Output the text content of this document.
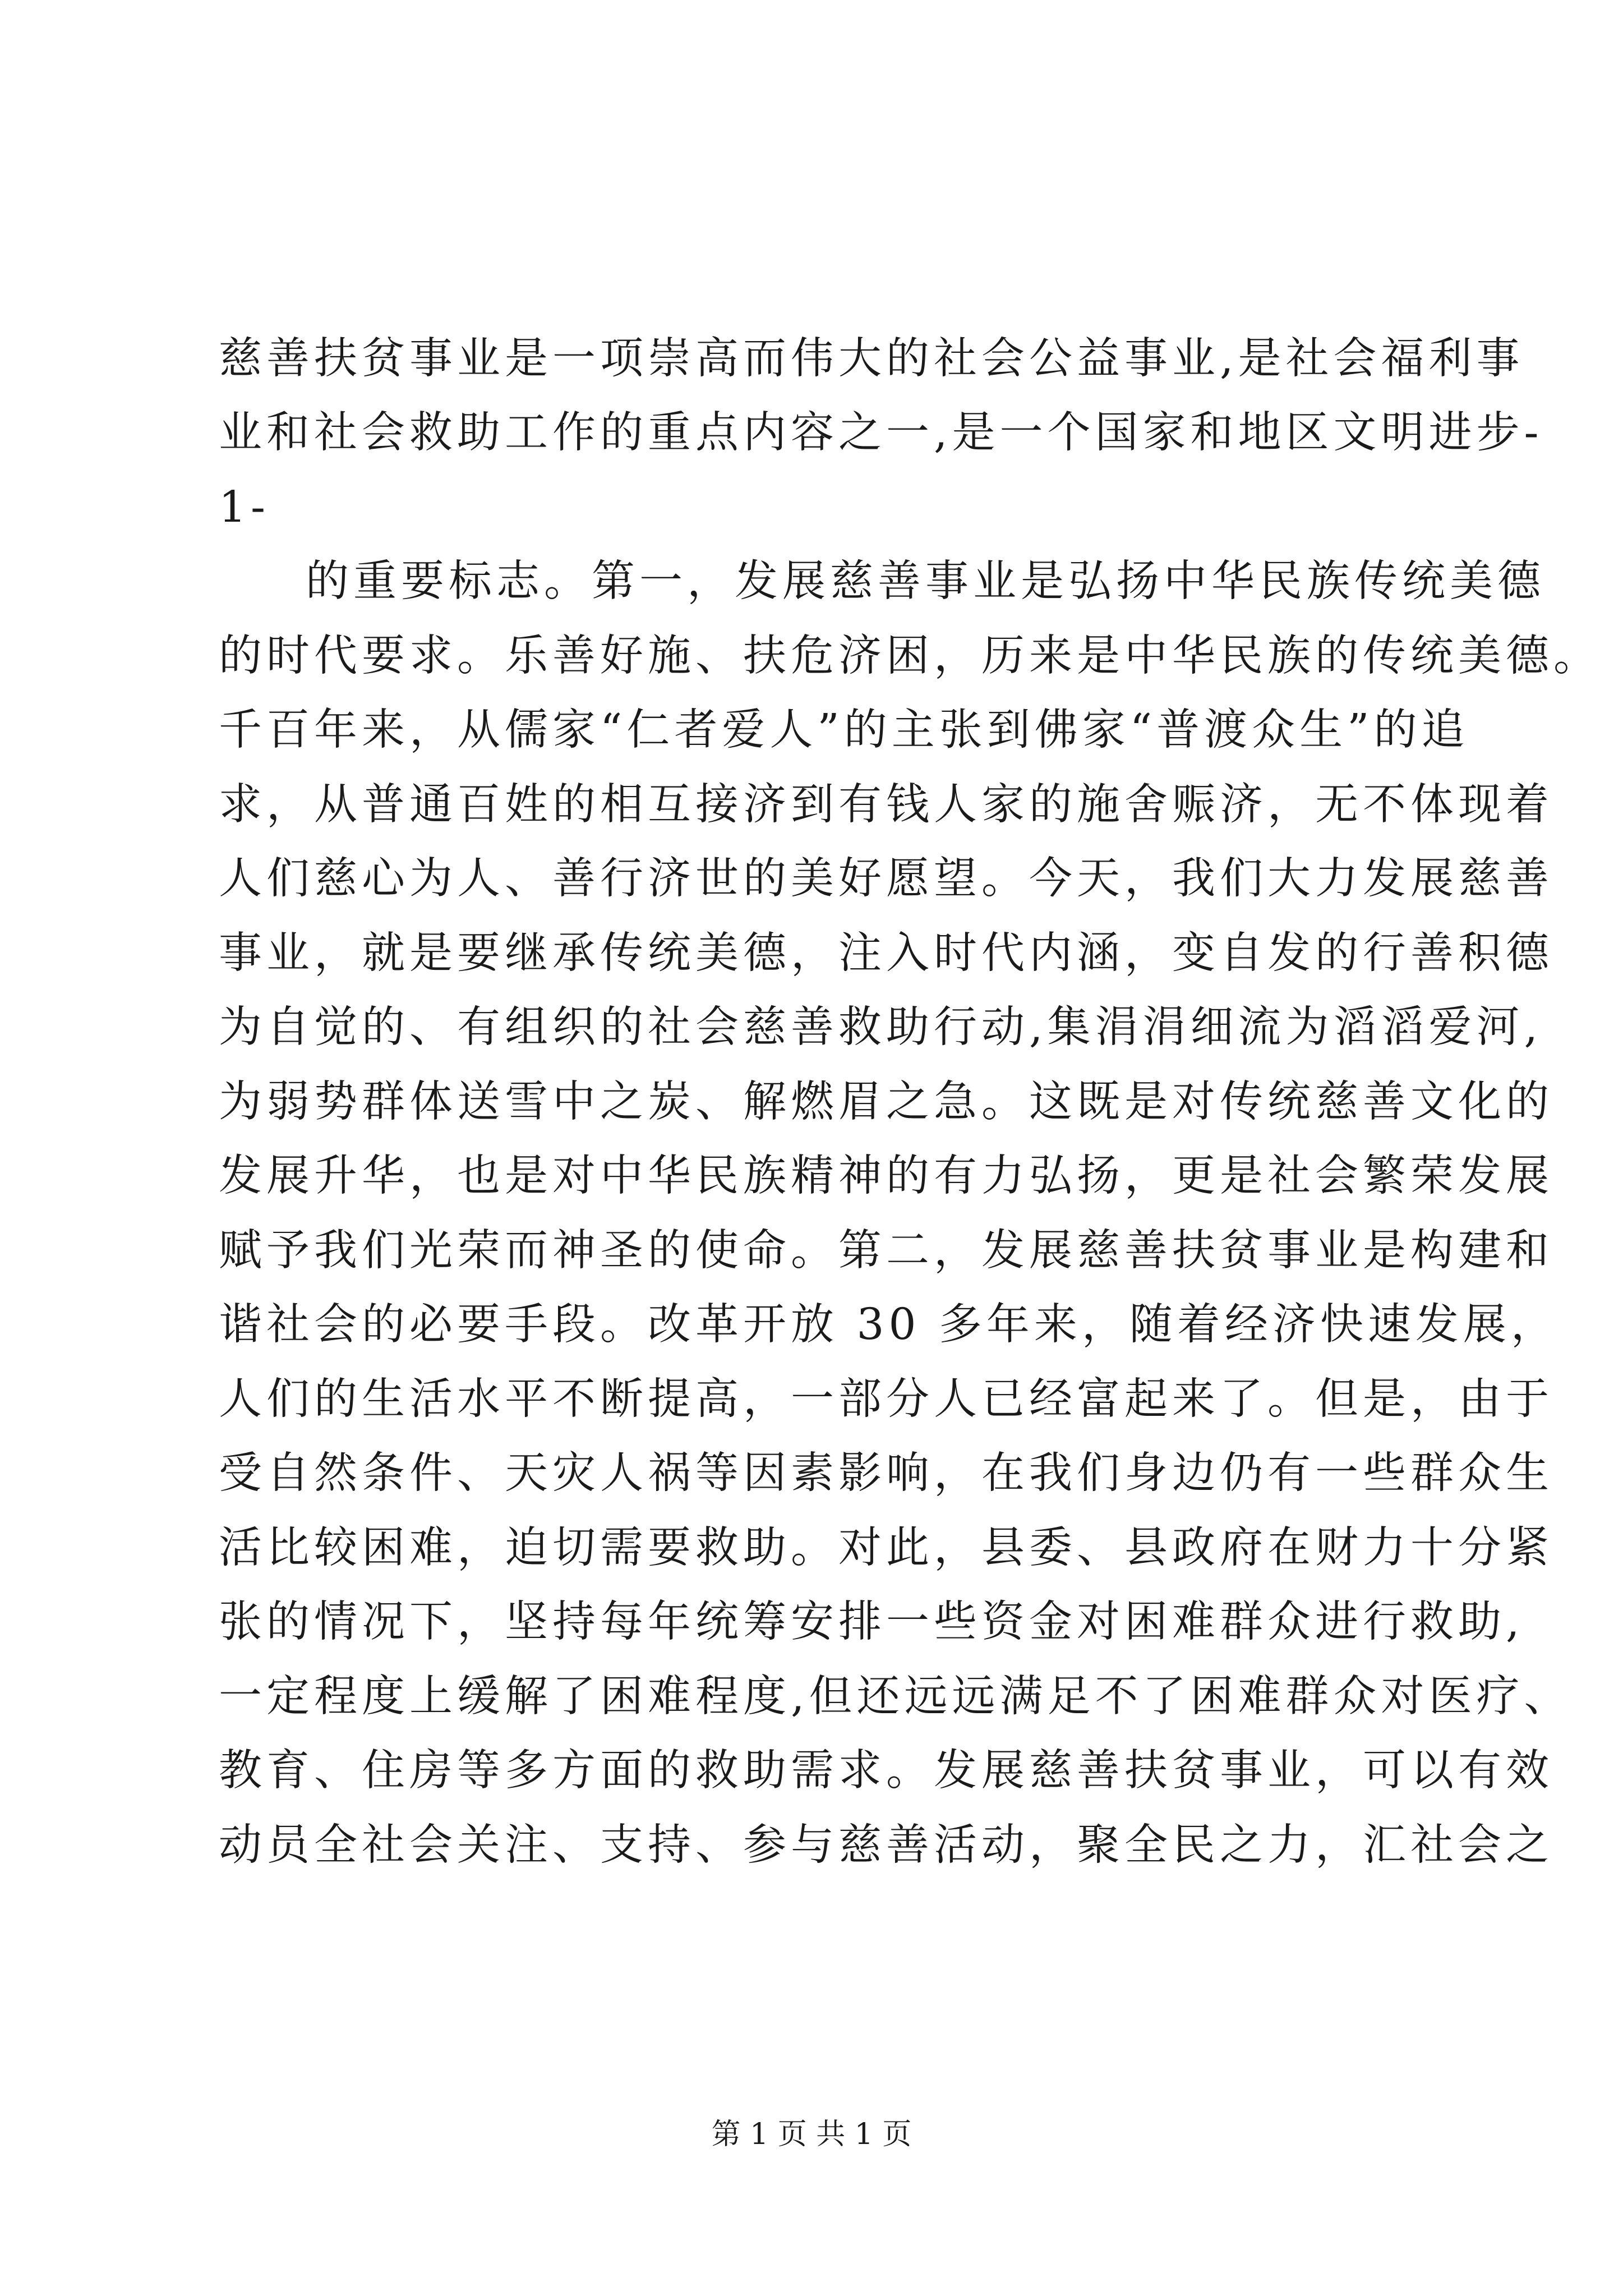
慈善扶贫事业是一项崇高而伟大的社会公益事业,是社会福利事
业和社会救助工作的重点内容之一,是一个国家和地区文明进步-
1-
的重要标志。第一，发展慈善事业是弘扬中华民族传统美德
的时代要求。乐善好施、扶危济困，历来是中华民族的传统美德。
千百年来，从儒家“仁者爱人”的主张到佛家“普渡众生”的追
求，从普通百姓的相互接济到有钱人家的施舍赈济，无不体现着
人们慈心为人、善行济世的美好愿望。今天，我们大力发展慈善
事业，就是要继承传统美德，注入时代内涵，变自发的行善积德
为自觉的、有组织的社会慈善救助行动,集涓涓细流为滔滔爱河,
为弱势群体送雪中之炭、解燃眉之急。这既是对传统慈善文化的
发展升华，也是对中华民族精神的有力弘扬，更是社会繁荣发展
赋予我们光荣而神圣的使命。第二，发展慈善扶贫事业是构建和
谐社会的必要手段。改革开放 30 多年来，随着经济快速发展，
人们的生活水平不断提高，一部分人已经富起来了。但是，由于
受自然条件、天灾人祸等因素影响，在我们身边仍有一些群众生
活比较困难，迫切需要救助。对此，县委、县政府在财力十分紧
张的情况下，坚持每年统筹安排一些资金对困难群众进行救助,
一定程度上缓解了困难程度,但还远远满足不了困难群众对医疗、
教育、住房等多方面的救助需求。发展慈善扶贫事业，可以有效
动员全社会关注、支持、参与慈善活动，聚全民之力，汇社会之
第 1 页 共 1 页
